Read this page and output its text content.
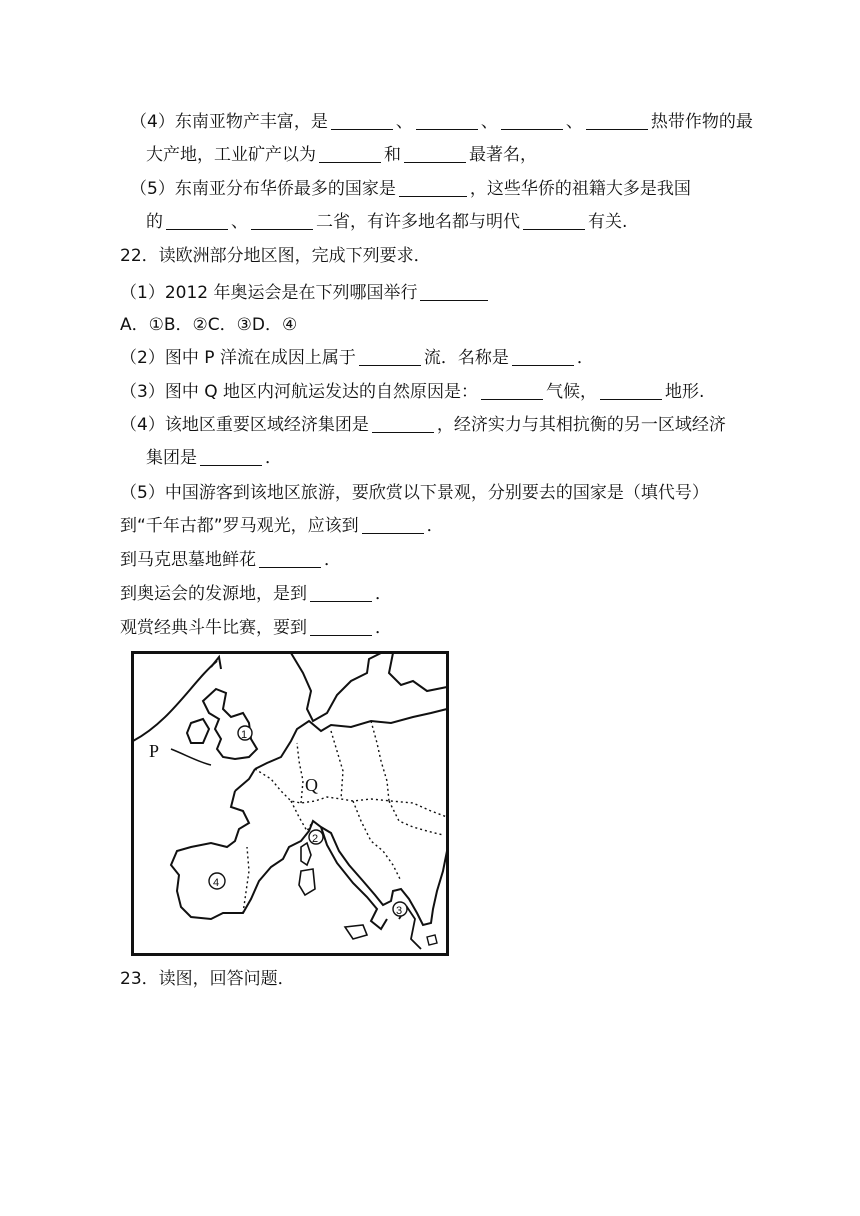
（4）东南亚物产丰富，是	、	、	、	热带作物的最
大产地，工业矿产以为	和	最著名，
（5）东南亚分布华侨最多的国家是	，这些华侨的祖籍大多是我国
的	、	二省，有许多地名都与明代	有关.
22．读欧洲部分地区图，完成下列要求．
（1）2012 年奥运会是在下列哪国举行
A．①B．②C．③D．④
（2）图中 P 洋流在成因上属于	流．名称是	．
（3）图中 Q 地区内河航运发达的自然原因是：	气候，	地形.
（4）该地区重要区域经济集团是	，经济实力与其相抗衡的另一区域经济
集团是	．
（5）中国游客到该地区旅游，要欣赏以下景观，分别要去的国家是（填代号）
到“千年古都”罗马观光，应该到	．
到马克思墓地鲜花	．
到奥运会的发源地，是到	．
观赏经典斗牛比赛，要到	．
P
Q
1
2
3
4
23．读图，回答问题．
